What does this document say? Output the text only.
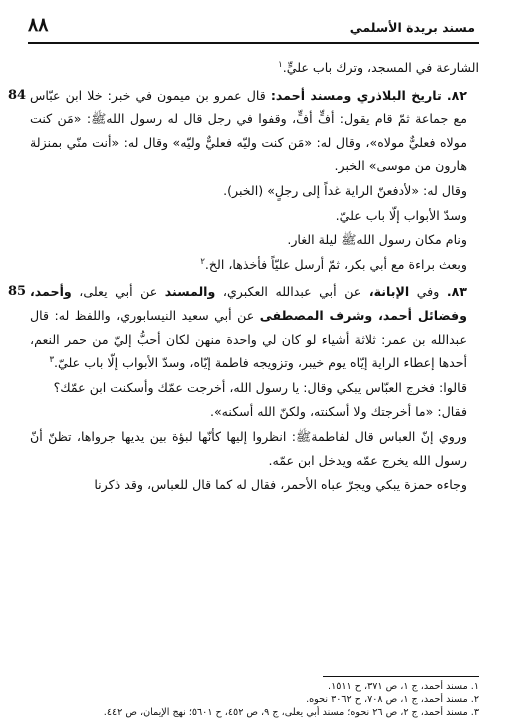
مسند بريدة الأسلمي
٨٨

الشارعة في المسجد، وترك باب عليٍّ.$^١$

84	٨٢. تاريخ البلاذري ومسند أحمد: قال عمرو بن ميمون في خبر: خلا ابن عبّاس مع جماعة ثمّ قام يقول: أفٍّ أفٍّ، وقفوا في رجل قال له رسول اللهﷺ: «مَن كنت مولاه فعليٌّ مولاه»، وقال له: «مَن كنت وليّه فعليٌّ وليّه» وقال له: «أنت منّي بمنزلة هارون من موسى» الخبر.

وقال له: «لأدفعنّ الراية غداً إلى رجلٍ» (الخبر).

وسدّ الأبواب إلّا باب عليّ.

ونام مكان رسول اللهﷺ ليلة الغار.

وبعث براءة مع أبي بكر، ثمّ أرسل عليّاً فأخذها، الخ.$^٢$

85	٨٣. وفي الإبانة، عن أبي عبدالله العكبري، والمسند عن أبي يعلى، وأحمد، وفضائل أحمد، وشرف المصطفى عن أبي سعيد النيسابوري، واللفظ له: قال عبدالله بن عمر: ثلاثة أشياء لو كان لي واحدة منهن لكان أحبُّ إليّ من حمر النعم، أحدها إعطاء الراية إيّاه يوم خيبر، وتزويجه فاطمة إيّاه، وسدّ الأبواب إلّا باب عليّ.$^٣$

قالوا: فخرج العبّاس يبكي وقال: يا رسول الله، أخرجت عمّك وأسكنت ابن عمّك؟

فقال: «ما أخرجتك ولا أسكنته، ولكنّ الله أسكنه».

وروي إنّ العباس قال لفاطمةﷺ: انظروا إليها كأنّها لبؤة بين يديها جرواها، تظنّ أنّ رسول الله يخرج عمّه ويدخل ابن عمّه.

وجاءه حمزة يبكي ويجرّ عباه الأحمر، فقال له كما قال للعباس، وقد ذكرنا

١. مسند أحمد، ج ١، ص ٣٧١، ح ١٥١١.

٢. مسند أحمد، ج ١، ص ٧٠٨، ح ٣٠٦٢ نحوه.

٣. مسند أحمد، ج ٢، ص ٢٦ نحوه؛ مسند أبي يعلى، ج ٩، ص ٤٥٢، ح ٥٦٠١؛ نهج الإيمان، ص ٤٤٢.
